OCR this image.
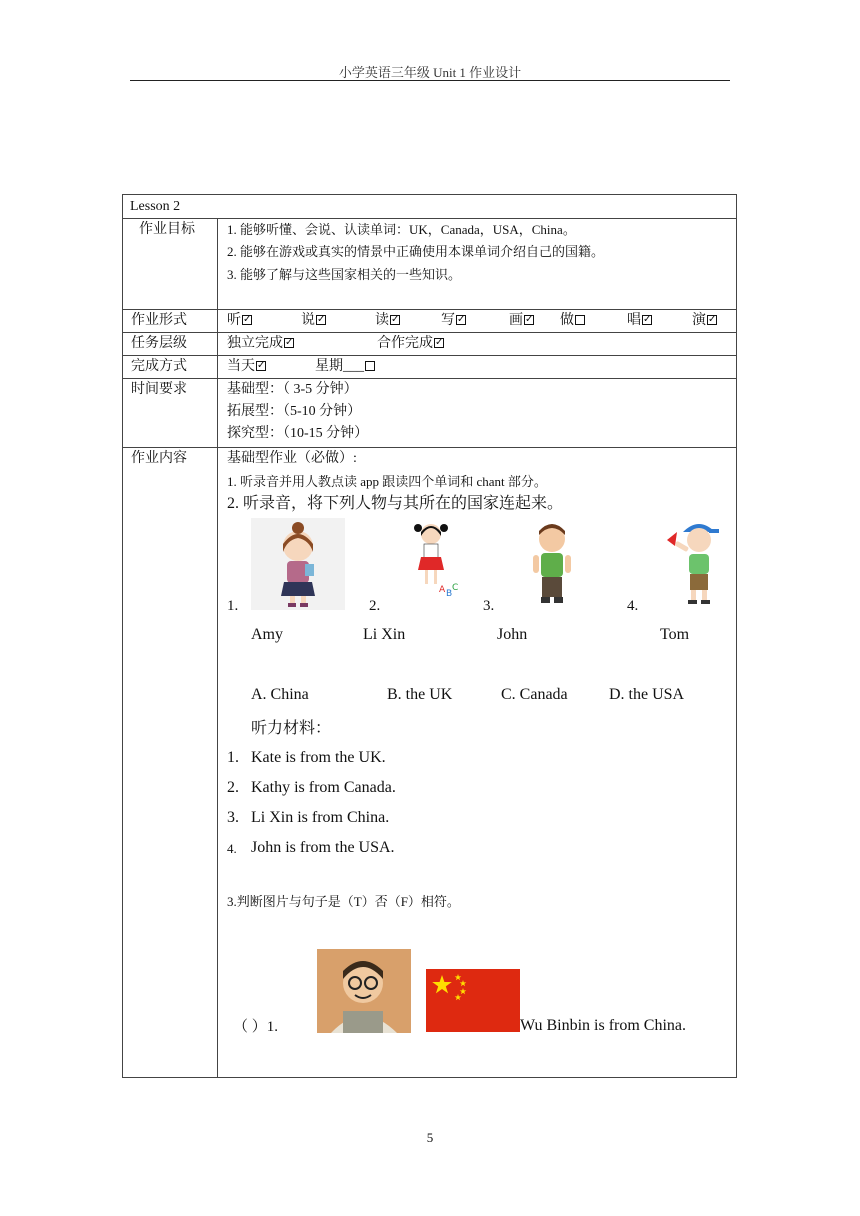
小学英语三年级 Unit 1 作业设计
Lesson 2
作业目标 1. 能够听懂、会说、认读单词：UK，Canada，USA，China。
2. 能够在游戏或真实的情景中正确使用本课单词介绍自己的国籍。
3. 能够了解与这些国家相关的一些知识。
作业形式	听 ✓	说 ✓	读 ✓	写 ✓	画 ✓	做	唱 ✓	演✓
任务层级	独立完成 ✓	合作完成✓
完成方式	当天 ✓	星期___
时间要求	基础型：（ 3-5 分钟）
拓展型：（5-10 分钟）
探究型：（10-15 分钟）
作业内容	基础型作业（必做）:
1. 听录音并用人教点读 app 跟读四个单词和 chant 部分。
2. 听录音，将下列人物与其所在的国家连起来。
1.	2.
A B
C
3.	4.
Amy	Li Xin	John	Tom
A. China	B. the UK	C. Canada	D. the USA
听力材料：
1. Kate is from the UK.
2. Kathy is from Canada.
3. Li Xin is from China.
4. John is from the USA.
3.判断图片与句子是（T）否（F）相符。
（ ）1.	Wu Binbin is from China.
5
